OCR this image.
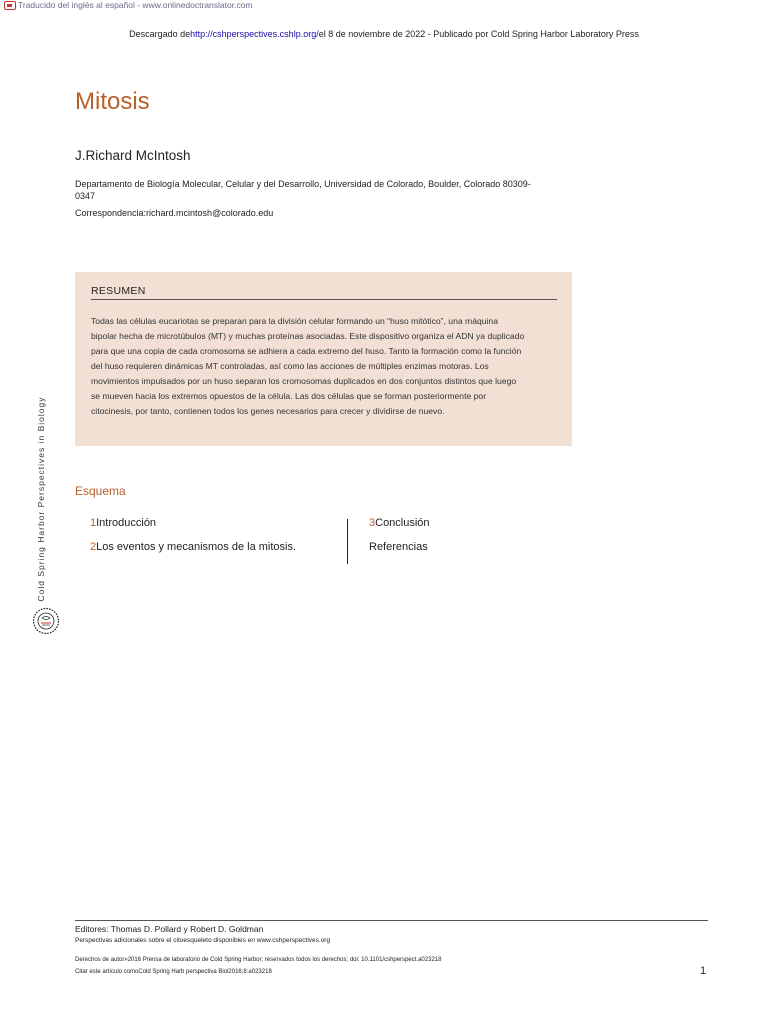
Traducido del inglés al español - www.onlinedoctranslator.com
Descargado dehttp://cshperspectives.cshlp.org/el 8 de noviembre de 2022 - Publicado por Cold Spring Harbor Laboratory Press
Mitosis
J.Richard McIntosh
Departamento de Biología Molecular, Celular y del Desarrollo, Universidad de Colorado, Boulder, Colorado 80309-0347
Correspondencia:richard.mcintosh@colorado.edu
RESUMEN
Todas las células eucariotas se preparan para la división celular formando un “huso mitótico”, una máquina
bipolar hecha de microtúbulos (MT) y muchas proteínas asociadas. Este dispositivo organiza el ADN ya duplicado
para que una copia de cada cromosoma se adhiera a cada extremo del huso. Tanto la formación como la función
del huso requieren dinámicas MT controladas, así como las acciones de múltiples enzimas motoras. Los
movimientos impulsados por un huso separan los cromosomas duplicados en dos conjuntos distintos que luego
se mueven hacia los extremos opuestos de la célula. Las dos células que se forman posteriormente por
citocinesis, por tanto, contienen todos los genes necesarios para crecer y dividirse de nuevo.
Esquema
1Introducción
2Los eventos y mecanismos de la mitosis.
3Conclusión
Referencias
Cold Spring Harbor Perspectives in Biology
Editores: Thomas D. Pollard y Robert D. Goldman
Perspectivas adicionales sobre el citoesqueleto disponibles en www.cshperspectives.org
Derechos de autor»2016 Prensa de laboratorio de Cold Spring Harbor; reservados todos los derechos; doi: 10.1101/cshperspect.a023218
Citar este artículo comoCold Spring Harb perspectiva Biol2016;8:a023218	1
